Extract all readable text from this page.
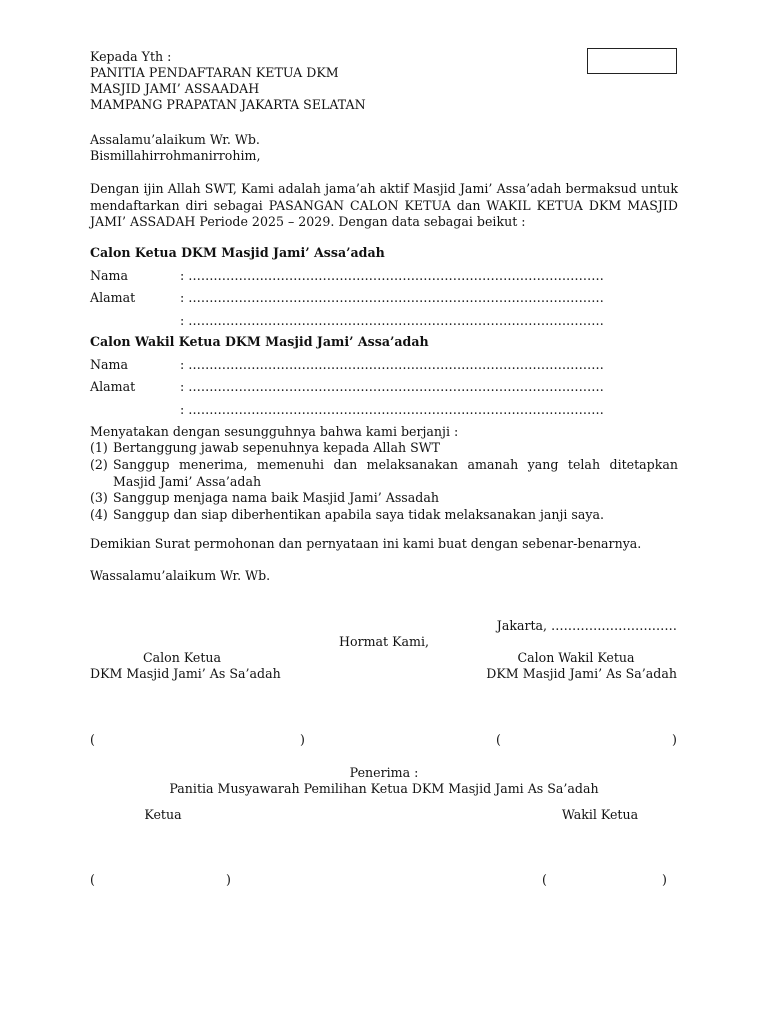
Kepada Yth :
PANITIA PENDAFTARAN KETUA DKM
MASJID JAMI’ ASSAADAH
MAMPANG PRAPATAN JAKARTA SELATAN
Assalamu’alaikum Wr. Wb.
Bismillahirrohmanirrohim,
Dengan ijin Allah SWT, Kami adalah jama’ah aktif Masjid Jami’ Assa’adah bermaksud untuk mendaftarkan diri sebagai PASANGAN CALON KETUA dan WAKIL KETUA DKM MASJID JAMI’ ASSADAH Periode 2025 – 2029. Dengan data sebagai beikut :
Calon Ketua DKM Masjid Jami’ Assa’adah
Nama	: ………………………………………………………………………………………
Alamat	: ………………………………………………………………………………………
: ………………………………………………………………………………………
Calon Wakil Ketua DKM Masjid Jami’ Assa’adah
Nama	: ………………………………………………………………………………………
Alamat	: ………………………………………………………………………………………
: ………………………………………………………………………………………
Menyatakan dengan sesungguhnya bahwa kami berjanji :
(1) Bertanggung jawab sepenuhnya kepada Allah SWT
(2) Sanggup menerima, memenuhi dan melaksanakan amanah yang telah ditetapkan Masjid Jami’ Assa’adah
(3) Sanggup menjaga nama baik Masjid Jami’ Assadah
(4) Sanggup dan siap diberhentikan apabila saya tidak melaksanakan janji saya.
Demikian Surat permohonan dan pernyataan ini kami buat dengan sebenar-benarnya.
Wassalamu’alaikum Wr. Wb.
Jakarta, …………………………
Hormat Kami,
Calon Ketua
DKM Masjid Jami’ As Sa’adah
Calon Wakil Ketua
DKM Masjid Jami’ As Sa’adah
(	)	(	)
Penerima :
Panitia Musyawarah Pemilihan Ketua DKM Masjid Jami As Sa’adah
Ketua	Wakil Ketua
(	)	(	)
